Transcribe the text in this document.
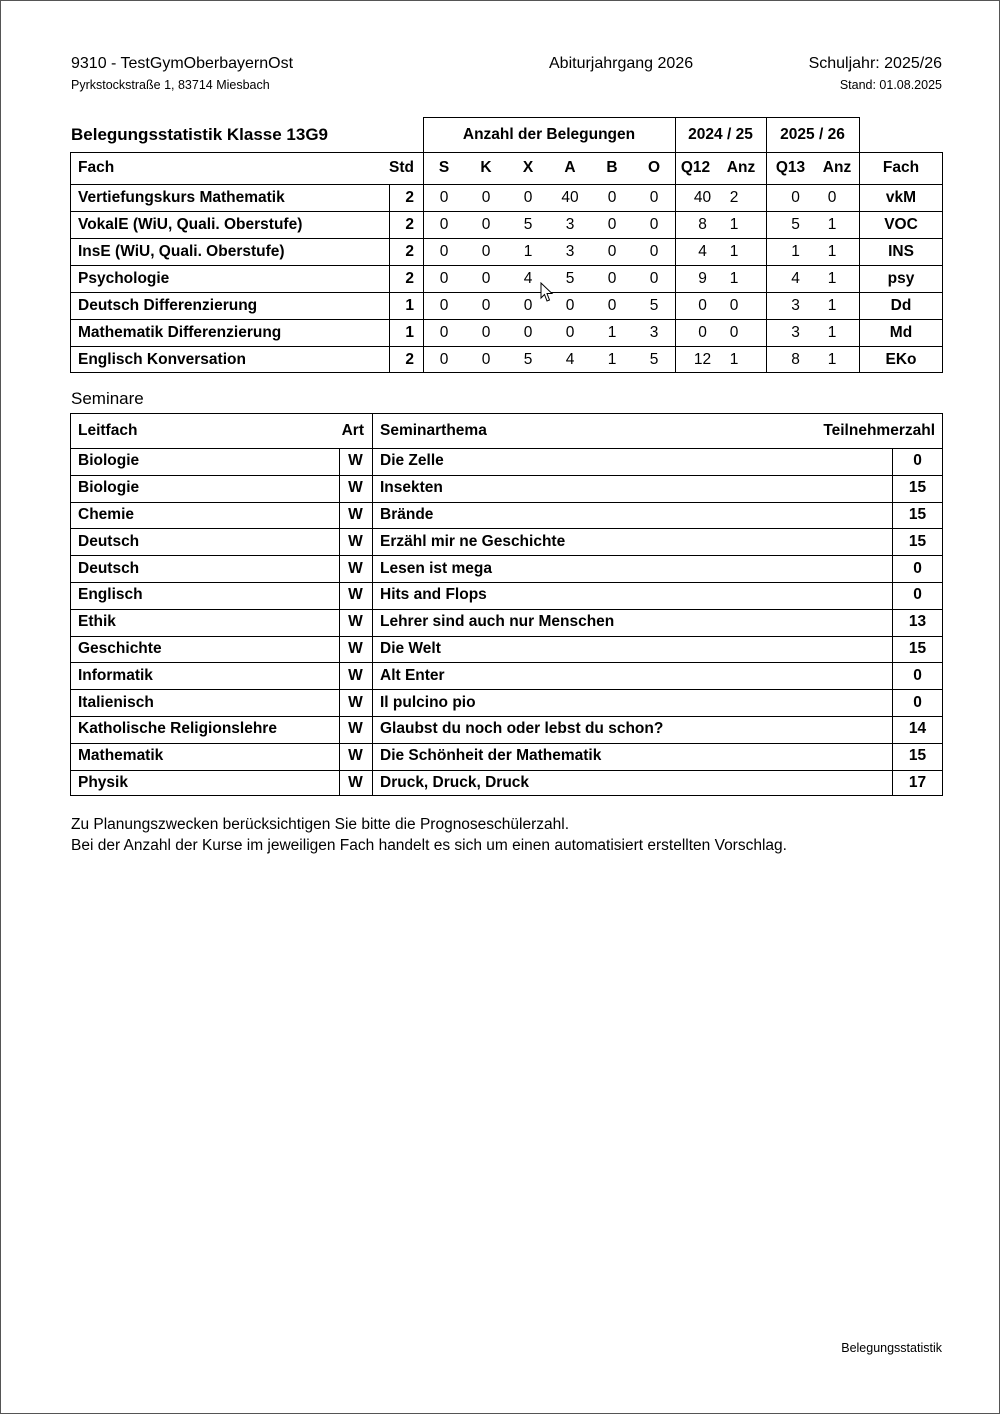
9310 - TestGymOberbayernOst
Pyrkstockstraße 1, 83714 Miesbach
Abiturjahrgang 2026	Schuljahr: 2025/26
Stand: 01.08.2025
Belegungsstatistik Klasse 13G9	Anzahl der Belegungen	2024 / 25	2025 / 26
Fach	Std	S	K	X	A	B	O	Q12	Anz	Q13	Anz	Fach
Vertiefungskurs Mathematik	2	0	0	0	40	0	0	40	2	0	0	vkM
VokalE (WiU, Quali. Oberstufe)	2	0	0	5	3	0	0	8	1	5	1	VOC
InsE (WiU, Quali. Oberstufe)	2	0	0	1	3	0	0	4	1	1	1	INS
Psychologie	2	0	0	4	5	0	0	9	1	4	1	psy
Deutsch Differenzierung	1	0	0	0	0	0	5	0	0	3	1	Dd
Mathematik Differenzierung	1	0	0	0	0	1	3	0	0	3	1	Md
Englisch Konversation	2	0	0	5	4	1	5	12	1	8	1	EKo
Seminare
Leitfach	Art	Seminarthema	Teilnehmerzahl
Biologie	W	Die Zelle	0
Biologie	W	Insekten	15
Chemie	W	Brände	15
Deutsch	W	Erzähl mir ne Geschichte	15
Deutsch	W	Lesen ist mega	0
Englisch	W	Hits and Flops	0
Ethik	W	Lehrer sind auch nur Menschen	13
Geschichte	W	Die Welt	15
Informatik	W	Alt Enter	0
Italienisch	W	Il pulcino pio	0
Katholische Religionslehre	W	Glaubst du noch oder lebst du schon?	14
Mathematik	W	Die Schönheit der Mathematik	15
Physik	W	Druck, Druck, Druck	17
Zu Planungszwecken berücksichtigen Sie bitte die Prognoseschülerzahl.
Bei der Anzahl der Kurse im jeweiligen Fach handelt es sich um einen automatisiert erstellten Vorschlag.
Belegungsstatistik
